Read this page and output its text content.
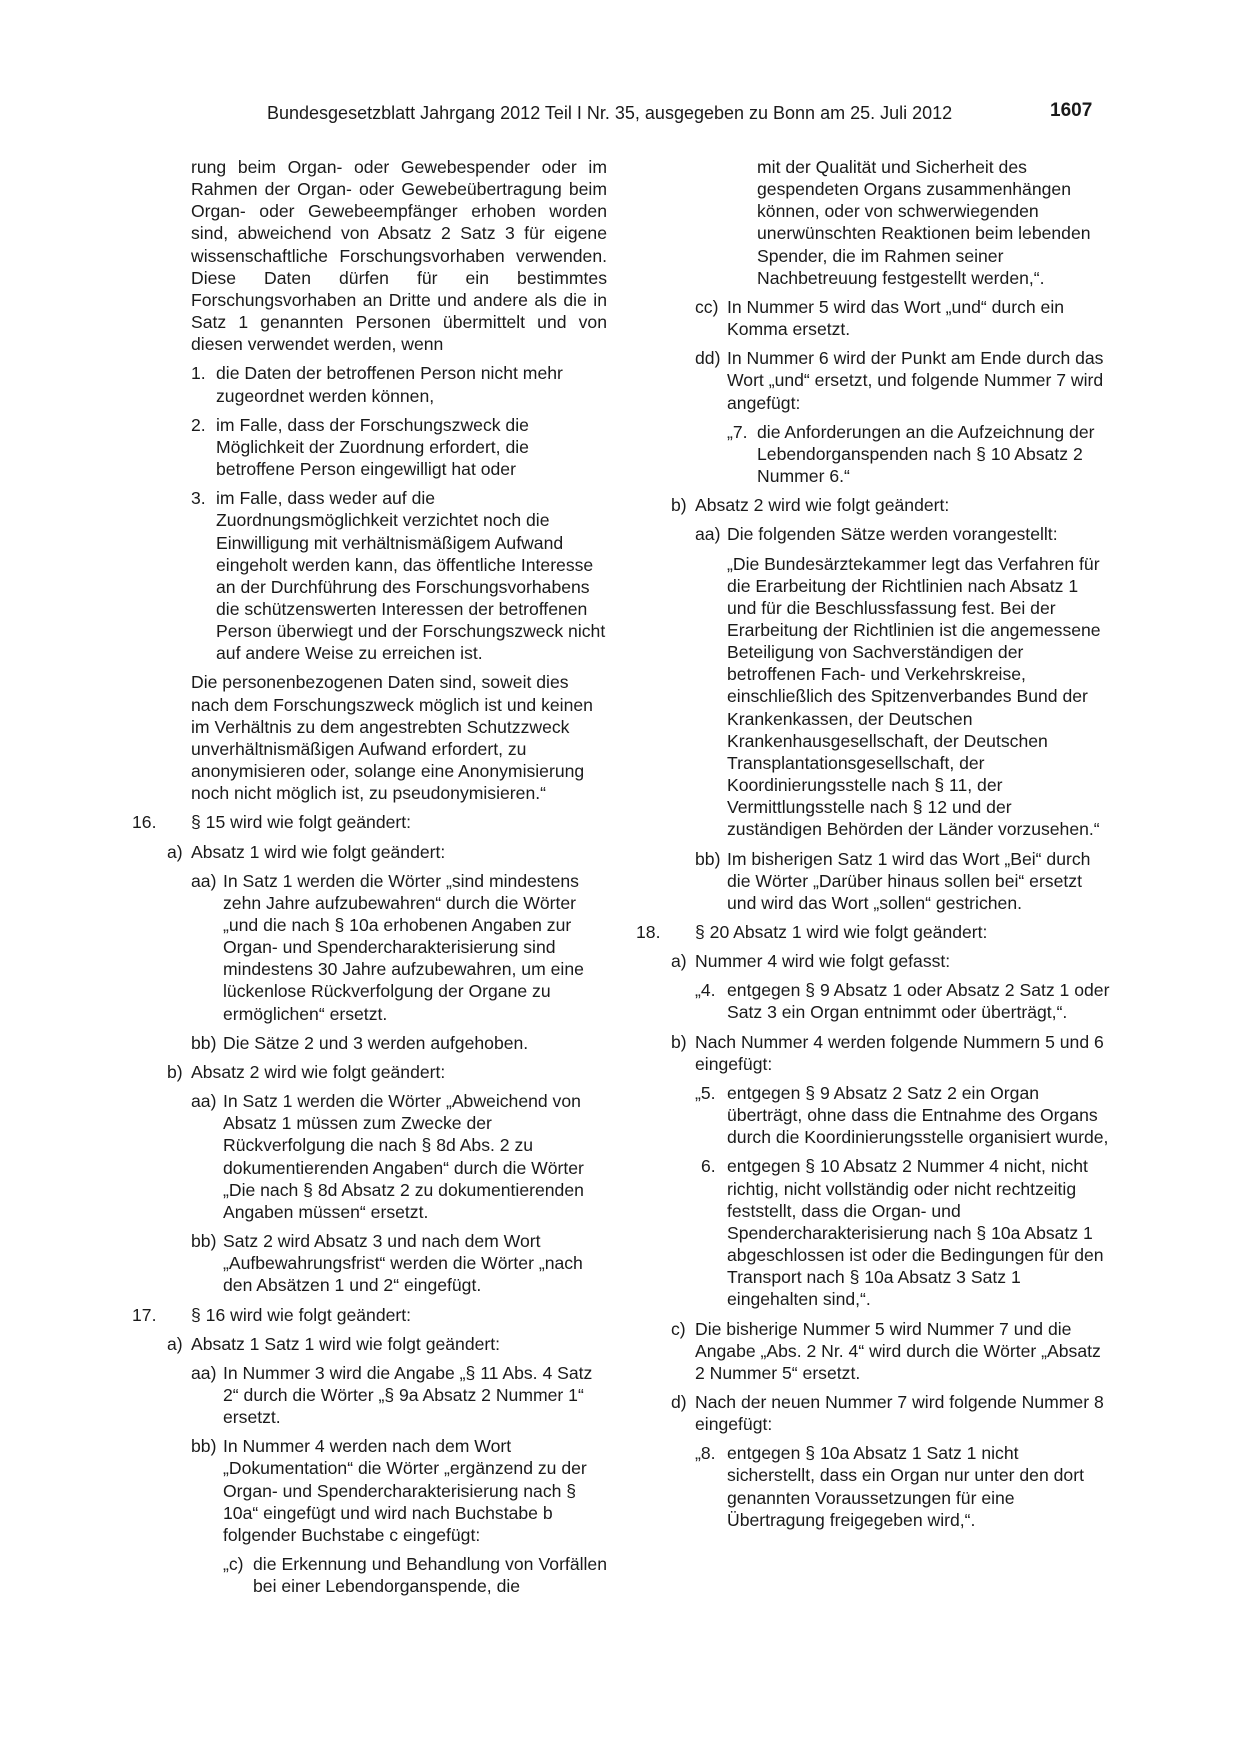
Bundesgesetzblatt Jahrgang 2012 Teil I Nr. 35, ausgegeben zu Bonn am 25. Juli 2012	1607

rung beim Organ- oder Gewebespender oder im Rahmen der Organ- oder Gewebeübertragung beim Organ- oder Gewebeempfänger erhoben worden sind, abweichend von Absatz 2 Satz 3 für eigene wissenschaftliche Forschungsvorhaben verwenden. Diese Daten dürfen für ein bestimmtes Forschungsvorhaben an Dritte und andere als die in Satz 1 genannten Personen übermittelt und von diesen verwendet werden, wenn

1. die Daten der betroffenen Person nicht mehr zugeordnet werden können,
2. im Falle, dass der Forschungszweck die Möglichkeit der Zuordnung erfordert, die betroffene Person eingewilligt hat oder
3. im Falle, dass weder auf die Zuordnungsmöglichkeit verzichtet noch die Einwilligung mit verhältnismäßigem Aufwand eingeholt werden kann, das öffentliche Interesse an der Durchführung des Forschungsvorhabens die schützenswerten Interessen der betroffenen Person überwiegt und der Forschungszweck nicht auf andere Weise zu erreichen ist.

Die personenbezogenen Daten sind, soweit dies nach dem Forschungszweck möglich ist und keinen im Verhältnis zu dem angestrebten Schutzzweck unverhältnismäßigen Aufwand erfordert, zu anonymisieren oder, solange eine Anonymisierung noch nicht möglich ist, zu pseudonymisieren.“

16. § 15 wird wie folgt geändert:
a) Absatz 1 wird wie folgt geändert:
aa) In Satz 1 werden die Wörter „sind mindestens zehn Jahre aufzubewahren“ durch die Wörter „und die nach § 10a erhobenen Angaben zur Organ- und Spendercharakterisierung sind mindestens 30 Jahre aufzubewahren, um eine lückenlose Rückverfolgung der Organe zu ermöglichen“ ersetzt.
bb) Die Sätze 2 und 3 werden aufgehoben.
b) Absatz 2 wird wie folgt geändert:
aa) In Satz 1 werden die Wörter „Abweichend von Absatz 1 müssen zum Zwecke der Rückverfolgung die nach § 8d Abs. 2 zu dokumentierenden Angaben“ durch die Wörter „Die nach § 8d Absatz 2 zu dokumentierenden Angaben müssen“ ersetzt.
bb) Satz 2 wird Absatz 3 und nach dem Wort „Aufbewahrungsfrist“ werden die Wörter „nach den Absätzen 1 und 2“ eingefügt.
17. § 16 wird wie folgt geändert:
a) Absatz 1 Satz 1 wird wie folgt geändert:
aa) In Nummer 3 wird die Angabe „§ 11 Abs. 4 Satz 2“ durch die Wörter „§ 9a Absatz 2 Nummer 1“ ersetzt.
bb) In Nummer 4 werden nach dem Wort „Dokumentation“ die Wörter „ergänzend zu der Organ- und Spendercharakterisierung nach § 10a“ eingefügt und wird nach Buchstabe b folgender Buchstabe c eingefügt:
„c) die Erkennung und Behandlung von Vorfällen bei einer Lebendorganspende, die

mit der Qualität und Sicherheit des gespendeten Organs zusammenhängen können, oder von schwerwiegenden unerwünschten Reaktionen beim lebenden Spender, die im Rahmen seiner Nachbetreuung festgestellt werden,“.

cc) In Nummer 5 wird das Wort „und“ durch ein Komma ersetzt.
dd) In Nummer 6 wird der Punkt am Ende durch das Wort „und“ ersetzt, und folgende Nummer 7 wird angefügt:
„7. die Anforderungen an die Aufzeichnung der Lebendorganspenden nach § 10 Absatz 2 Nummer 6.“
b) Absatz 2 wird wie folgt geändert:
aa) Die folgenden Sätze werden vorangestellt:

„Die Bundesärztekammer legt das Verfahren für die Erarbeitung der Richtlinien nach Absatz 1 und für die Beschlussfassung fest. Bei der Erarbeitung der Richtlinien ist die angemessene Beteiligung von Sachverständigen der betroffenen Fach- und Verkehrskreise, einschließlich des Spitzenverbandes Bund der Krankenkassen, der Deutschen Krankenhausgesellschaft, der Deutschen Transplantationsgesellschaft, der Koordinierungsstelle nach § 11, der Vermittlungsstelle nach § 12 und der zuständigen Behörden der Länder vorzusehen.“

bb) Im bisherigen Satz 1 wird das Wort „Bei“ durch die Wörter „Darüber hinaus sollen bei“ ersetzt und wird das Wort „sollen“ gestrichen.
18. § 20 Absatz 1 wird wie folgt geändert:
a) Nummer 4 wird wie folgt gefasst:
„4. entgegen § 9 Absatz 1 oder Absatz 2 Satz 1 oder Satz 3 ein Organ entnimmt oder überträgt,“.
b) Nach Nummer 4 werden folgende Nummern 5 und 6 eingefügt:
„5. entgegen § 9 Absatz 2 Satz 2 ein Organ überträgt, ohne dass die Entnahme des Organs durch die Koordinierungsstelle organisiert wurde,
6. entgegen § 10 Absatz 2 Nummer 4 nicht, nicht richtig, nicht vollständig oder nicht rechtzeitig feststellt, dass die Organ- und Spendercharakterisierung nach § 10a Absatz 1 abgeschlossen ist oder die Bedingungen für den Transport nach § 10a Absatz 3 Satz 1 eingehalten sind,“.
c) Die bisherige Nummer 5 wird Nummer 7 und die Angabe „Abs. 2 Nr. 4“ wird durch die Wörter „Absatz 2 Nummer 5“ ersetzt.
d) Nach der neuen Nummer 7 wird folgende Nummer 8 eingefügt:
„8. entgegen § 10a Absatz 1 Satz 1 nicht sicherstellt, dass ein Organ nur unter den dort genannten Voraussetzungen für eine Übertragung freigegeben wird,“.
